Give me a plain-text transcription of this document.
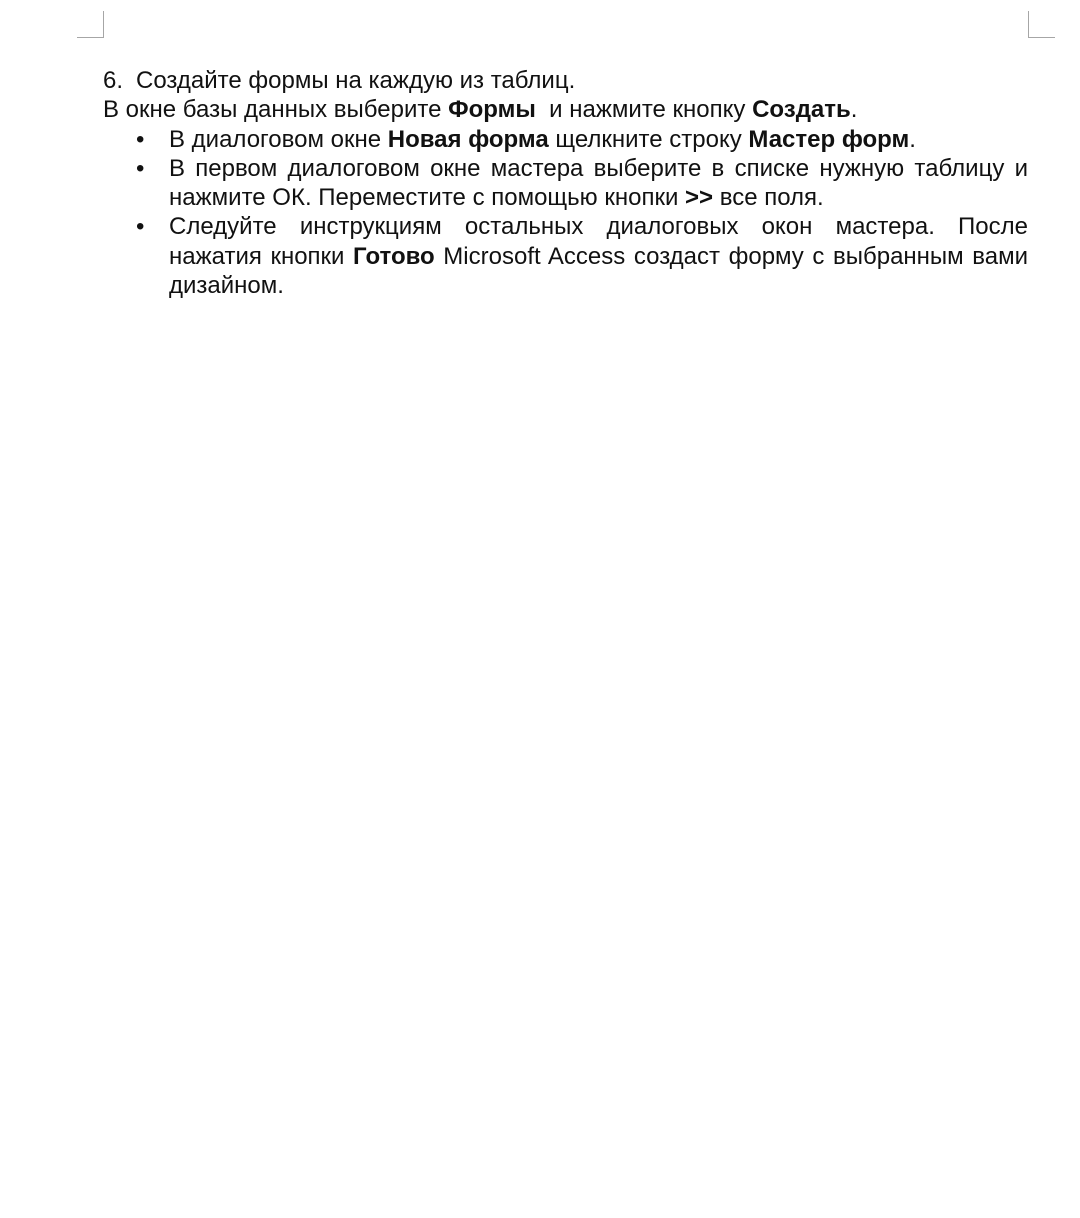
6. Создайте формы на каждую из таблиц.
В окне базы данных выберите Формы  и нажмите кнопку Создать.
• В диалоговом окне Новая форма щелкните строку Мастер форм.
• В первом диалоговом окне мастера выберите в списке нужную таблицу и нажмите ОК. Переместите с помощью кнопки >> все поля.
• Следуйте инструкциям остальных диалоговых окон мастера. После нажатия кнопки Готово Microsoft Access создаст форму с выбранным вами дизайном.
